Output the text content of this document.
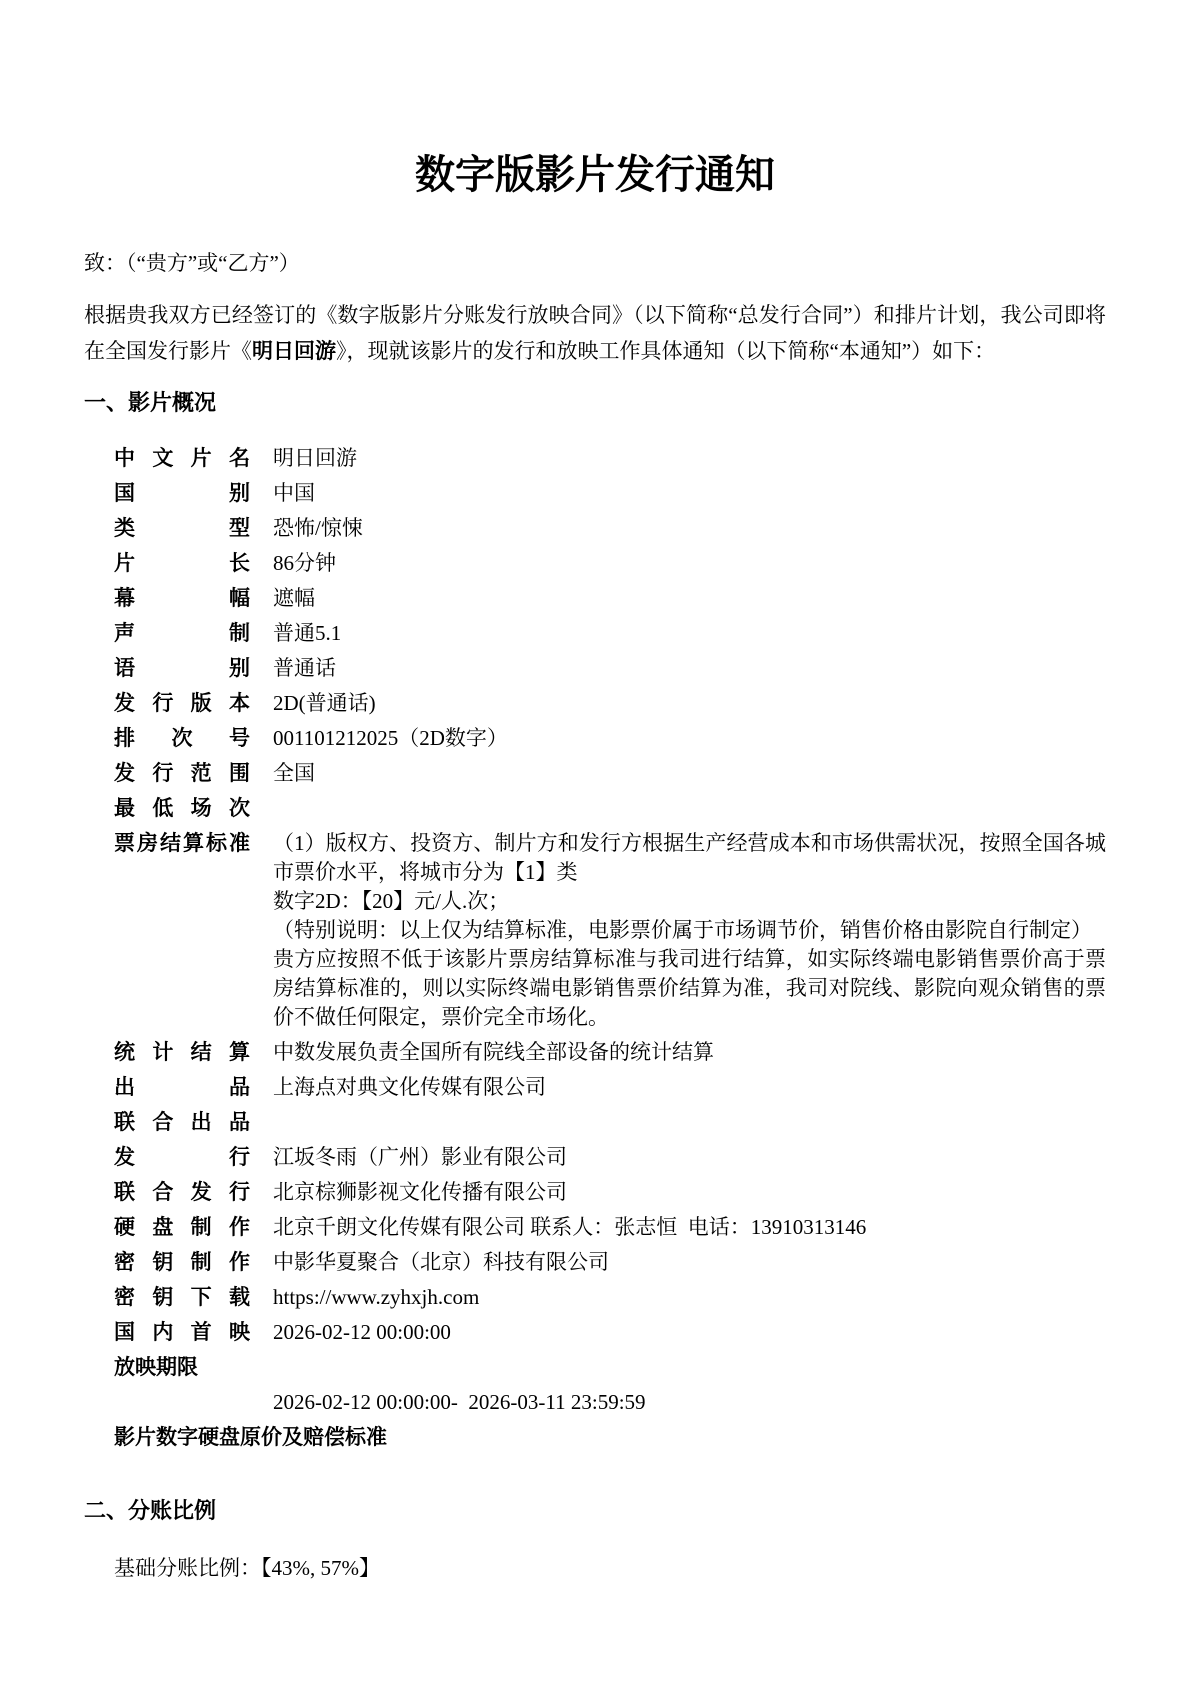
数字版影片发行通知
致：（“贵方”或“乙方”）

根据贵我双方已经签订的《数字版影片分账发行放映合同》（以下简称“总发行合同”）和排片计划，我公司即将在全国发行影片《明日回游》，现就该影片的发行和放映工作具体通知（以下简称“本通知”）如下：

一、影片概况
中文片名 明日回游
国别 中国
类型 恐怖/惊悚
片长 86分钟
幕幅 遮幅
声制 普通5.1
语别 普通话
发行版本 2D(普通话)
排次号 001101212025（2D数字）
发行范围 全国
最低场次
票房结算标准 （1）版权方、投资方、制片方和发行方根据生产经营成本和市场供需状况，按照全国各城市票价水平，将城市分为【1】类
数字2D：【20】元/人.次；
（特别说明：以上仅为结算标准，电影票价属于市场调节价，销售价格由影院自行制定）
贵方应按照不低于该影片票房结算标准与我司进行结算，如实际终端电影销售票价高于票房结算标准的，则以实际终端电影销售票价结算为准，我司对院线、影院向观众销售的票价不做任何限定，票价完全市场化。
统计结算 中数发展负责全国所有院线全部设备的统计结算
出品 上海点对典文化传媒有限公司
联合出品
发行 江坂冬雨（广州）影业有限公司
联合发行 北京棕狮影视文化传播有限公司
硬盘制作 北京千朗文化传媒有限公司 联系人：张志恒  电话：13910313146
密钥制作 中影华夏聚合（北京）科技有限公司
密钥下载 https://www.zyhxjh.com
国内首映 2026-02-12 00:00:00
放映期限
2026-02-12 00:00:00-  2026-03-11 23:59:59
影片数字硬盘原价及赔偿标准
二、分账比例
基础分账比例：【43%, 57%】
